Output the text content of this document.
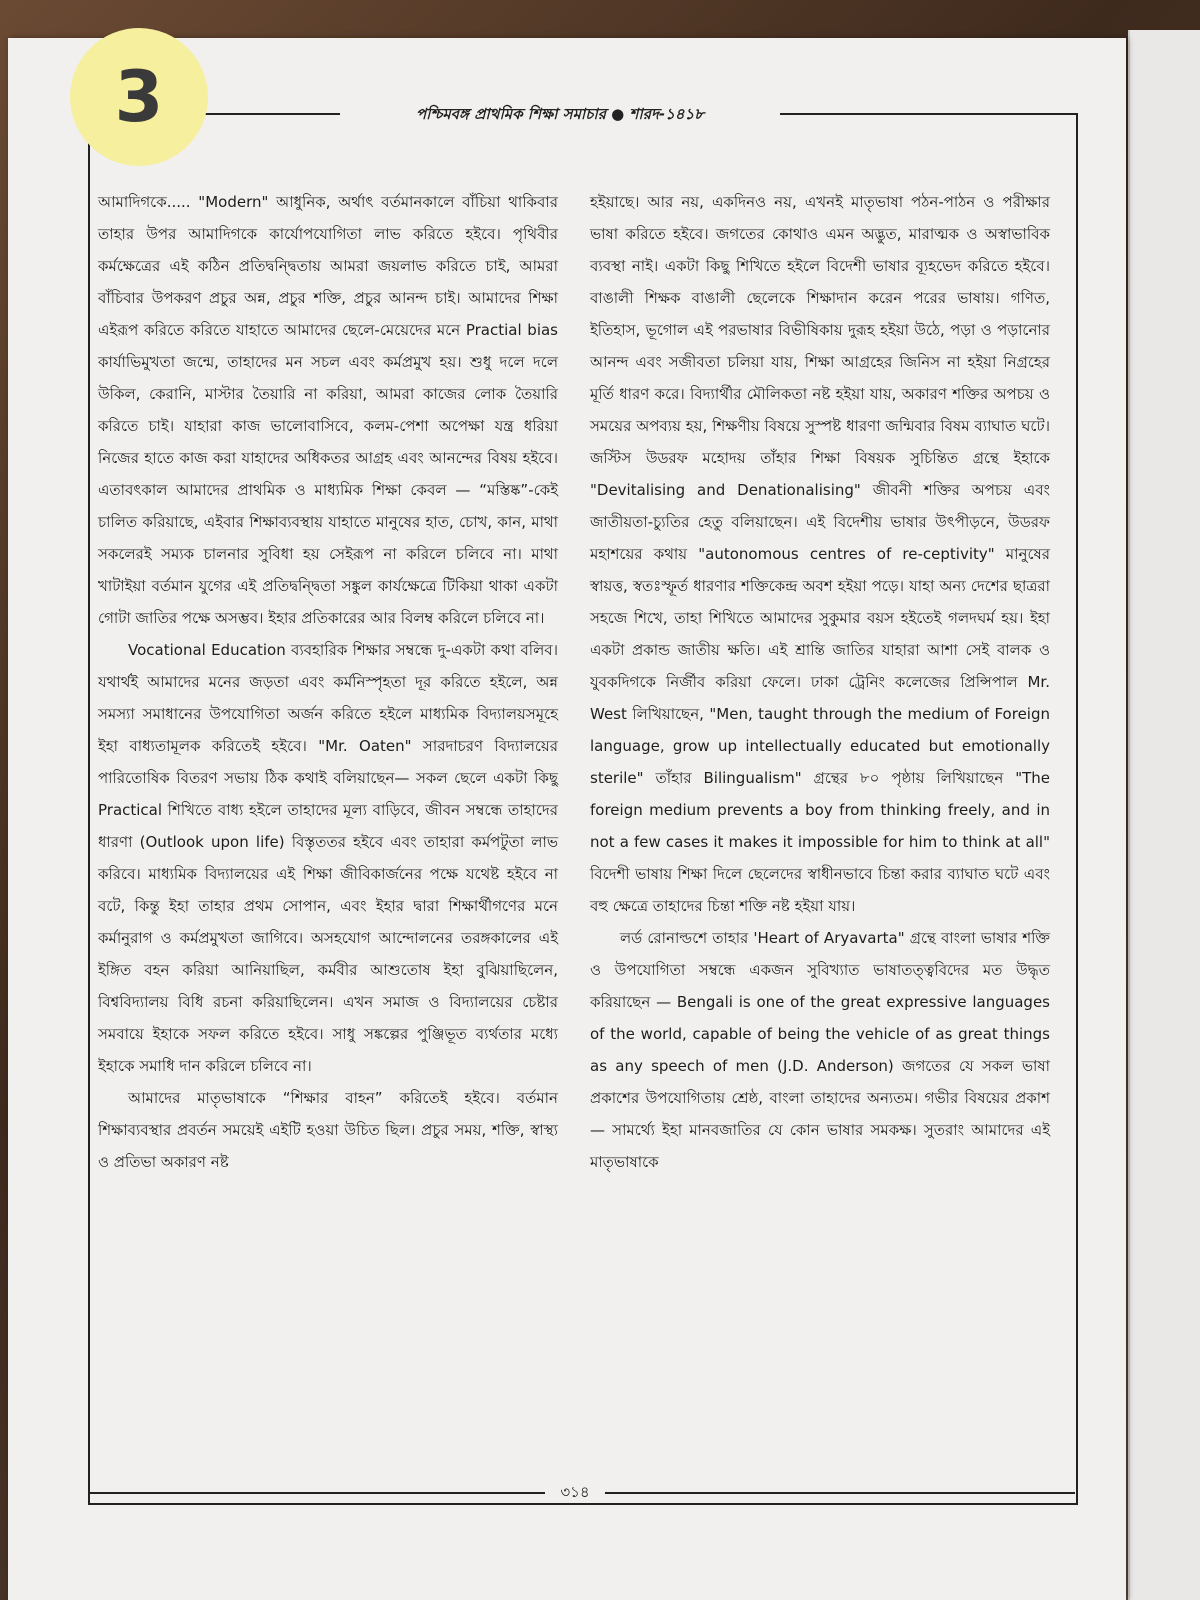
পশ্চিমবঙ্গ প্রাথমিক শিক্ষা সমাচার ● শারদ-১৪১৮
3

আমাদিগকে..... "Modern" আধুনিক, অর্থাৎ বর্তমানকালে বাঁচিয়া থাকিবার তাহার উপর আমাদিগকে কার্যোপযোগিতা লাভ করিতে হইবে। পৃথিবীর কর্মক্ষেত্রের এই কঠিন প্রতিদ্বন্দ্বিতায় আমরা জয়লাভ করিতে চাই, আমরা বাঁচিবার উপকরণ প্রচুর অন্ন, প্রচুর শক্তি, প্রচুর আনন্দ চাই। আমাদের শিক্ষা এইরূপ করিতে করিতে যাহাতে আমাদের ছেলে-মেয়েদের মনে Practial bias কার্যাভিমুখতা জন্মে, তাহাদের মন সচল এবং কর্মপ্রমুখ হয়। শুধু দলে দলে উকিল, কেরানি, মাস্টার তৈয়ারি না করিয়া, আমরা কাজের লোক তৈয়ারি করিতে চাই। যাহারা কাজ ভালোবাসিবে, কলম-পেশা অপেক্ষা যন্ত্র ধরিয়া নিজের হাতে কাজ করা যাহাদের অধিকতর আগ্রহ এবং আনন্দের বিষয় হইবে। এতাবৎকাল আমাদের প্রাথমিক ও মাধ্যমিক শিক্ষা কেবল — “মস্তিষ্ক”-কেই চালিত করিয়াছে, এইবার শিক্ষাব্যবস্থায় যাহাতে মানুষের হাত, চোখ, কান, মাথা সকলেরই সম্যক চালনার সুবিধা হয় সেইরূপ না করিলে চলিবে না। মাথা খাটাইয়া বর্তমান যুগের এই প্রতিদ্বন্দ্বিতা সঙ্কুল কার্যক্ষেত্রে টিকিয়া থাকা একটা গোটা জাতির পক্ষে অসম্ভব। ইহার প্রতিকারের আর বিলম্ব করিলে চলিবে না।

Vocational Education ব্যবহারিক শিক্ষার সম্বন্ধে দু-একটা কথা বলিব। যথার্থই আমাদের মনের জড়তা এবং কর্মনিস্পৃহতা দূর করিতে হইলে, অন্ন সমস্যা সমাধানের উপযোগিতা অর্জন করিতে হইলে মাধ্যমিক বিদ্যালয়সমূহে ইহা বাধ্যতামূলক করিতেই হইবে। "Mr. Oaten" সারদাচরণ বিদ্যালয়ের পারিতোষিক বিতরণ সভায় ঠিক কথাই বলিয়াছেন— সকল ছেলে একটা কিছু Practical শিখিতে বাধ্য হইলে তাহাদের মূল্য বাড়িবে, জীবন সম্বন্ধে তাহাদের ধারণা (Outlook upon life) বিস্তৃততর হইবে এবং তাহারা কর্মপটুতা লাভ করিবে। মাধ্যমিক বিদ্যালয়ের এই শিক্ষা জীবিকার্জনের পক্ষে যথেষ্ট হইবে না বটে, কিন্তু ইহা তাহার প্রথম সোপান, এবং ইহার দ্বারা শিক্ষার্থীগণের মনে কর্মানুরাগ ও কর্মপ্রমুখতা জাগিবে। অসহযোগ আন্দোলনের তরঙ্গকালের এই ইঙ্গিত বহন করিয়া আনিয়াছিল, কর্মবীর আশুতোষ ইহা বুঝিয়াছিলেন, বিশ্ববিদ্যালয় বিধি রচনা করিয়াছিলেন। এখন সমাজ ও বিদ্যালয়ের চেষ্টার সমবায়ে ইহাকে সফল করিতে হইবে। সাধু সঙ্কল্পের পুঞ্জিভূত ব্যর্থতার মধ্যে ইহাকে সমাধি দান করিলে চলিবে না।

আমাদের মাতৃভাষাকে “শিক্ষার বাহন” করিতেই হইবে। বর্তমান শিক্ষাব্যবস্থার প্রবর্তন সময়েই এইটি হওয়া উচিত ছিল। প্রচুর সময়, শক্তি, স্বাস্থ্য ও প্রতিভা অকারণ নষ্ট

হইয়াছে। আর নয়, একদিনও নয়, এখনই মাতৃভাষা পঠন-পাঠন ও পরীক্ষার ভাষা করিতে হইবে। জগতের কোথাও এমন অদ্ভুত, মারাত্মক ও অস্বাভাবিক ব্যবস্থা নাই। একটা কিছু শিখিতে হইলে বিদেশী ভাষার ব্যূহভেদ করিতে হইবে। বাঙালী শিক্ষক বাঙালী ছেলেকে শিক্ষাদান করেন পরের ভাষায়। গণিত, ইতিহাস, ভূগোল এই পরভাষার বিভীষিকায় দুরূহ হইয়া উঠে, পড়া ও পড়ানোর আনন্দ এবং সজীবতা চলিয়া যায়, শিক্ষা আগ্রহের জিনিস না হইয়া নিগ্রহের মূর্তি ধারণ করে। বিদ্যার্থীর মৌলিকতা নষ্ট হইয়া যায়, অকারণ শক্তির অপচয় ও সময়ের অপব্যয় হয়, শিক্ষণীয় বিষয়ে সুস্পষ্ট ধারণা জন্মিবার বিষম ব্যাঘাত ঘটে। জস্টিস উডরফ মহোদয় তাঁহার শিক্ষা বিষয়ক সুচিন্তিত গ্রন্থে ইহাকে "Devitalising and Denationalising" জীবনী শক্তির অপচয় এবং জাতীয়তা-চ্যুতির হেতু বলিয়াছেন। এই বিদেশীয় ভাষার উৎপীড়নে, উডরফ মহাশয়ের কথায় "autonomous centres of re-ceptivity" মানুষের স্বায়ত্ত, স্বতঃস্ফূর্ত ধারণার শক্তিকেন্দ্র অবশ হইয়া পড়ে। যাহা অন্য দেশের ছাত্ররা সহজে শিখে, তাহা শিখিতে আমাদের সুকুমার বয়স হইতেই গলদঘর্ম হয়। ইহা একটা প্রকান্ড জাতীয় ক্ষতি। এই শ্রান্তি জাতির যাহারা আশা সেই বালক ও যুবকদিগকে নির্জীব করিয়া ফেলে। ঢাকা ট্রেনিং কলেজের প্রিন্সিপাল Mr. West লিখিয়াছেন, "Men, taught through the medium of Foreign language, grow up intellectually educated but emotionally sterile" তাঁহার Bilingualism" গ্রন্থের ৮০ পৃষ্ঠায় লিখিয়াছেন "The foreign medium prevents a boy from thinking freely, and in not a few cases it makes it impossible for him to think at all" বিদেশী ভাষায় শিক্ষা দিলে ছেলেদের স্বাধীনভাবে চিন্তা করার ব্যাঘাত ঘটে এবং বহু ক্ষেত্রে তাহাদের চিন্তা শক্তি নষ্ট হইয়া যায়।

লর্ড রোনাল্ডশে তাহার 'Heart of Aryavarta" গ্রন্থে বাংলা ভাষার শক্তি ও উপযোগিতা সম্বন্ধে একজন সুবিখ্যাত ভাষাতত্ত্ববিদের মত উদ্ধৃত করিয়াছেন — Bengali is one of the great expressive languages of the world, capable of being the vehicle of as great things as any speech of men (J.D. Anderson) জগতের যে সকল ভাষা প্রকাশের উপযোগিতায় শ্রেষ্ঠ, বাংলা তাহাদের অন্যতম। গভীর বিষয়ের প্রকাশ — সামর্থ্যে ইহা মানবজাতির যে কোন ভাষার সমকক্ষ। সুতরাং আমাদের এই মাতৃভাষাকে

৩১৪
